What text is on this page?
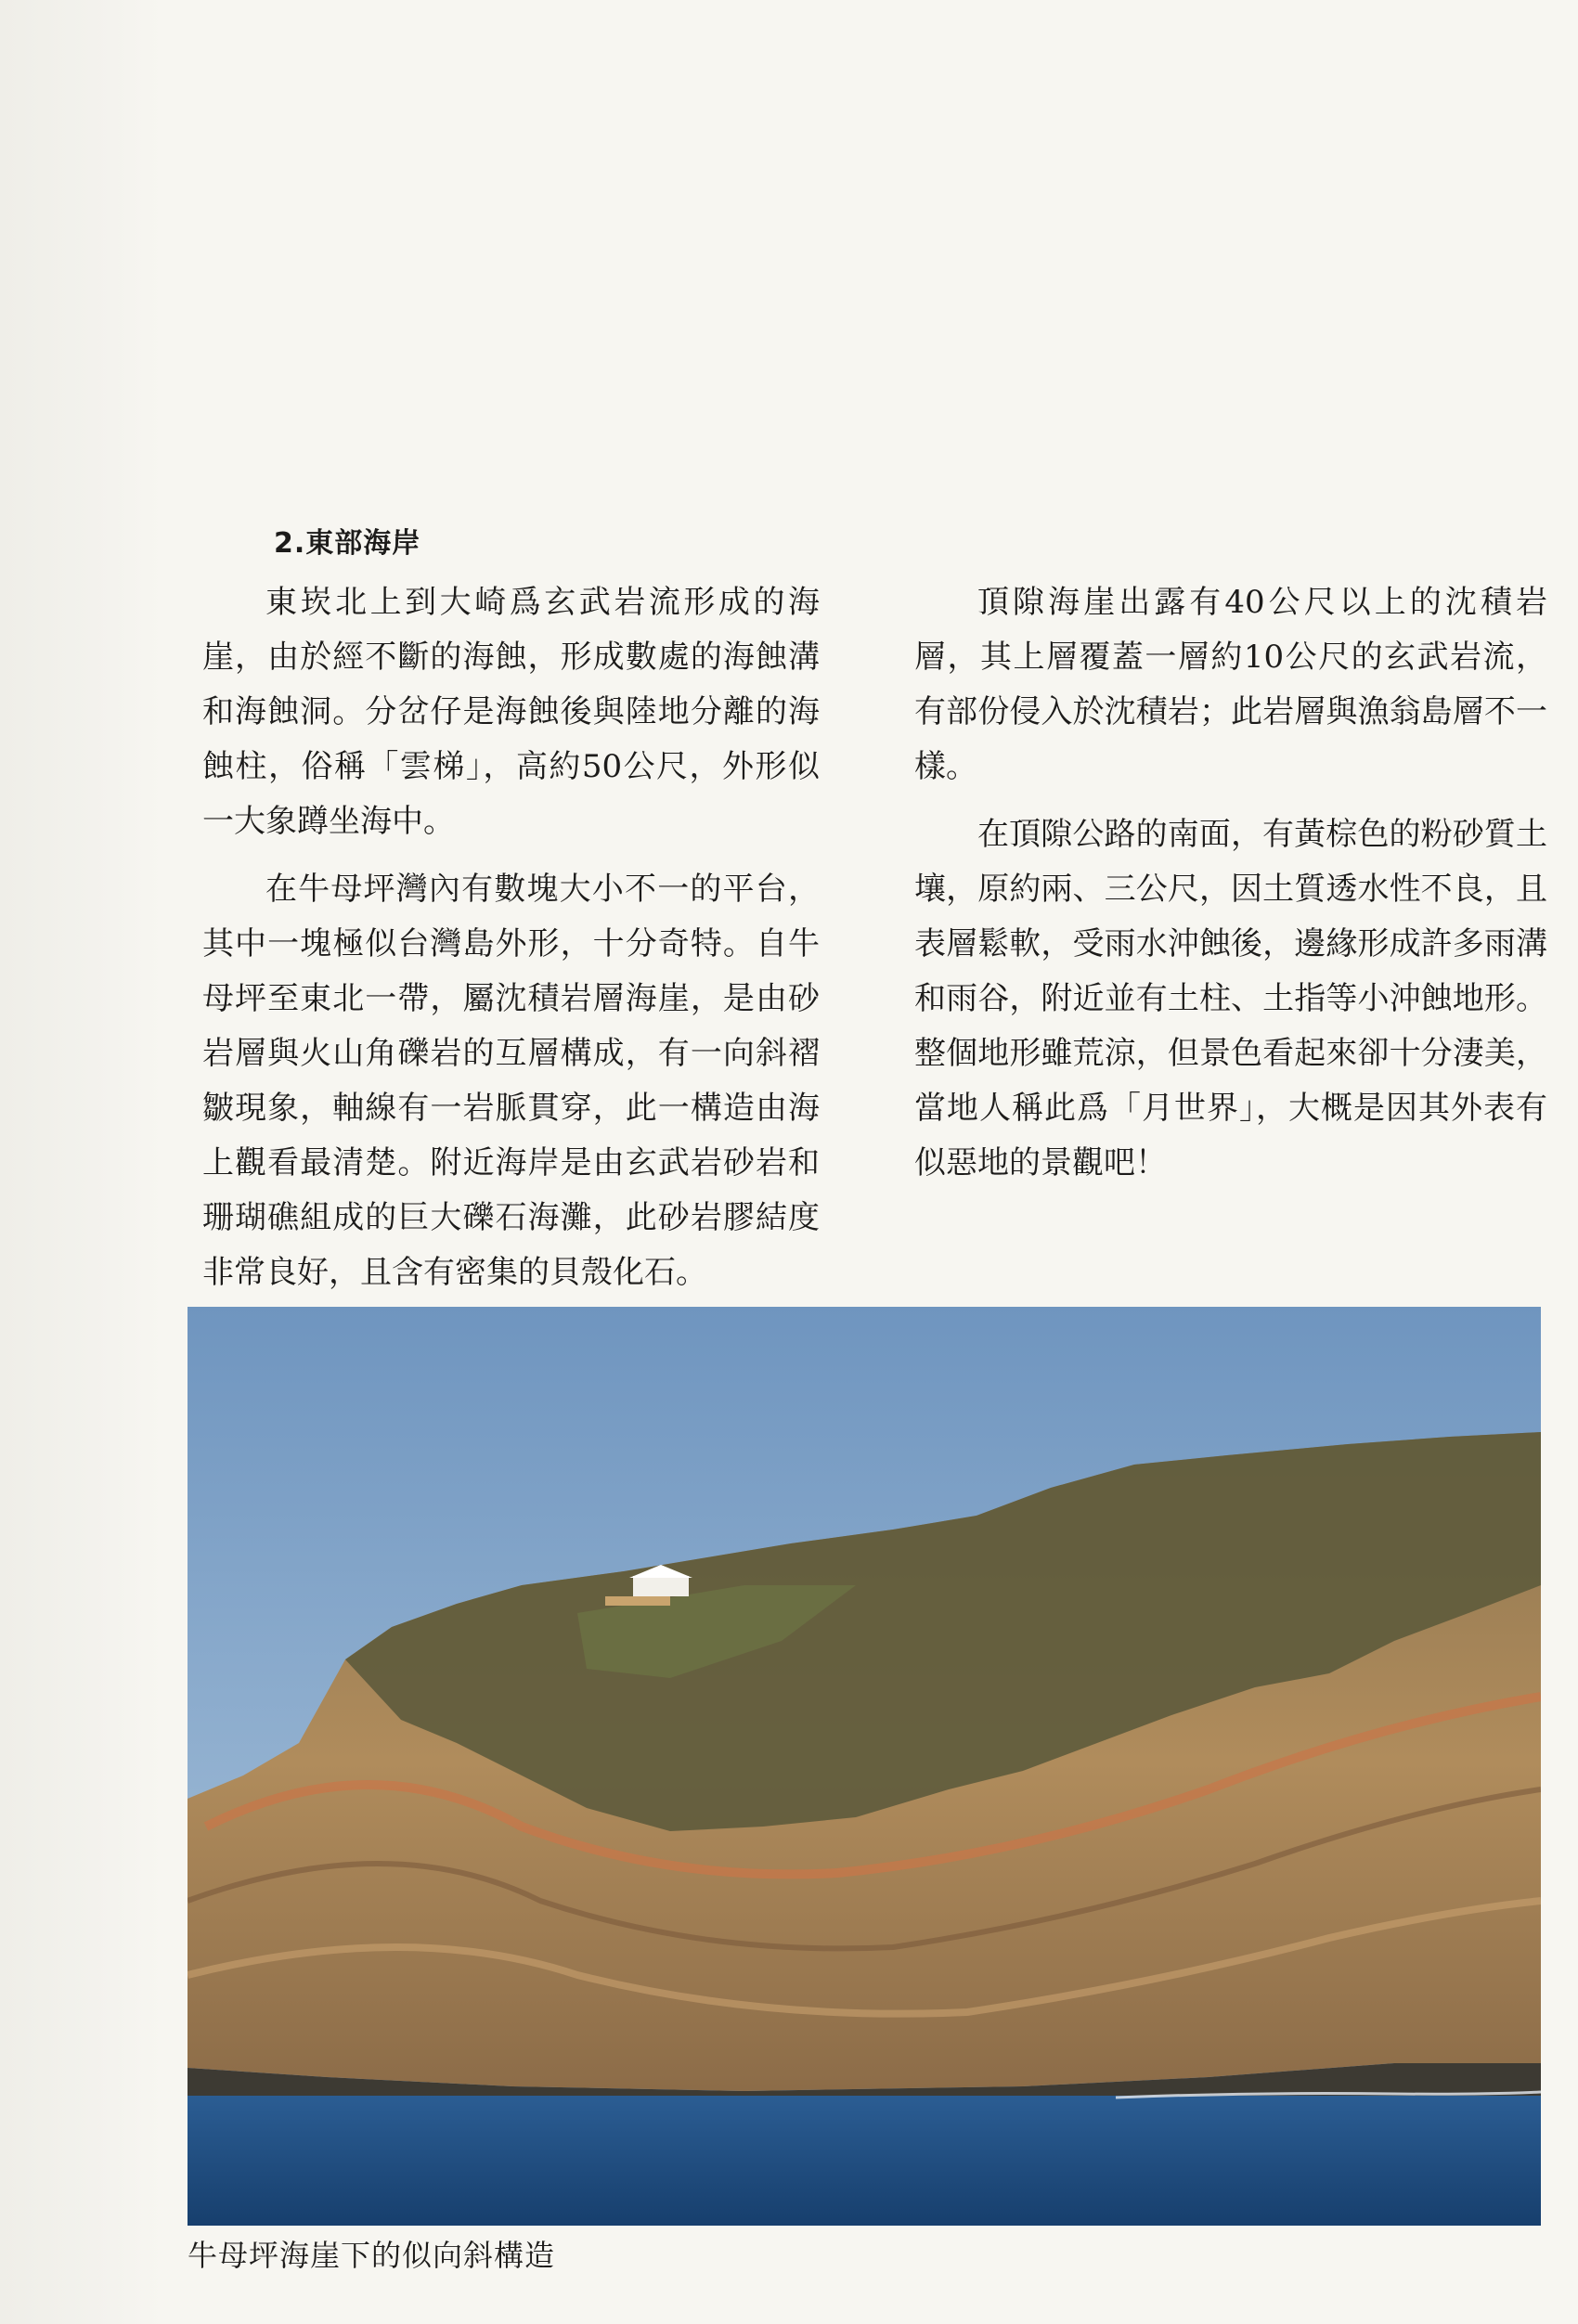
2.東部海岸

東崁北上到大崎爲玄武岩流形成的海崖，由於經不斷的海蝕，形成數處的海蝕溝和海蝕洞。分岔仔是海蝕後與陸地分離的海蝕柱，俗稱「雲梯」，高約50公尺，外形似一大象蹲坐海中。

在牛母坪灣內有數塊大小不一的平台，其中一塊極似台灣島外形，十分奇特。自牛母坪至東北一帶，屬沈積岩層海崖，是由砂岩層與火山角礫岩的互層構成，有一向斜褶皺現象，軸線有一岩脈貫穿，此一構造由海上觀看最清楚。附近海岸是由玄武岩砂岩和珊瑚礁組成的巨大礫石海灘，此砂岩膠結度非常良好，且含有密集的貝殼化石。

頂隙海崖出露有40公尺以上的沈積岩層，其上層覆蓋一層約10公尺的玄武岩流，有部份侵入於沈積岩；此岩層與漁翁島層不一樣。

在頂隙公路的南面，有黃棕色的粉砂質土壤，原約兩、三公尺，因土質透水性不良，且表層鬆軟，受雨水沖蝕後，邊緣形成許多雨溝和雨谷，附近並有土柱、土指等小沖蝕地形。整個地形雖荒涼，但景色看起來卻十分淒美，當地人稱此爲「月世界」，大概是因其外表有似惡地的景觀吧！

牛母坪海崖下的似向斜構造
